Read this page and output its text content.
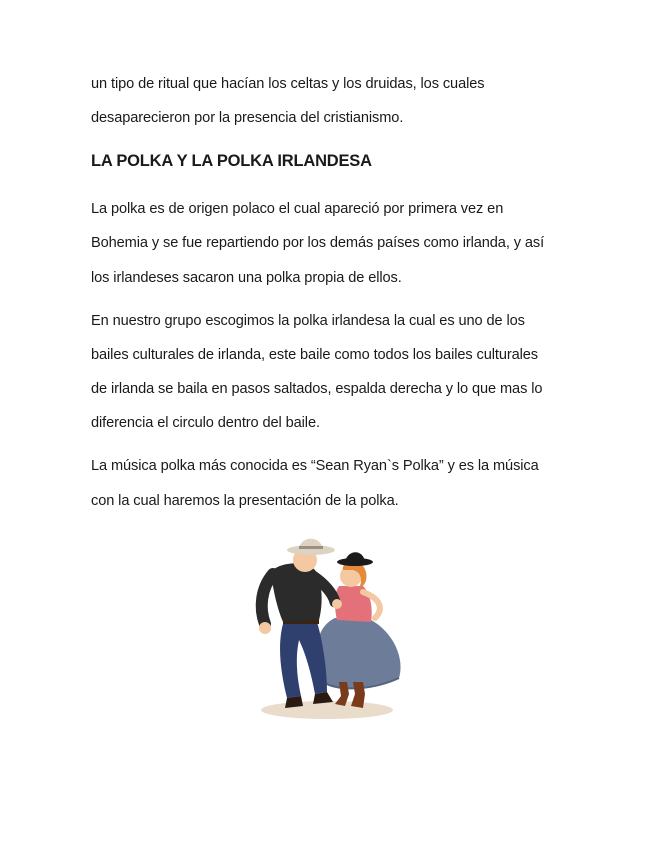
un tipo de ritual que hacían los celtas y los druidas, los cuales
desaparecieron por la presencia del cristianismo.
LA POLKA Y LA POLKA IRLANDESA
La polka es de origen polaco el cual apareció por primera vez en
Bohemia y se fue repartiendo por los demás países como irlanda, y así
los irlandeses sacaron una polka propia de ellos.
En nuestro grupo escogimos la polka irlandesa la cual es uno de los
bailes culturales de irlanda, este baile como todos los bailes culturales
de irlanda se baila en pasos saltados, espalda derecha y lo que mas lo
diferencia el circulo dentro del baile.
La música polka más conocida es “Sean Ryan`s Polka” y es la música
con la cual haremos la presentación de la polka.
